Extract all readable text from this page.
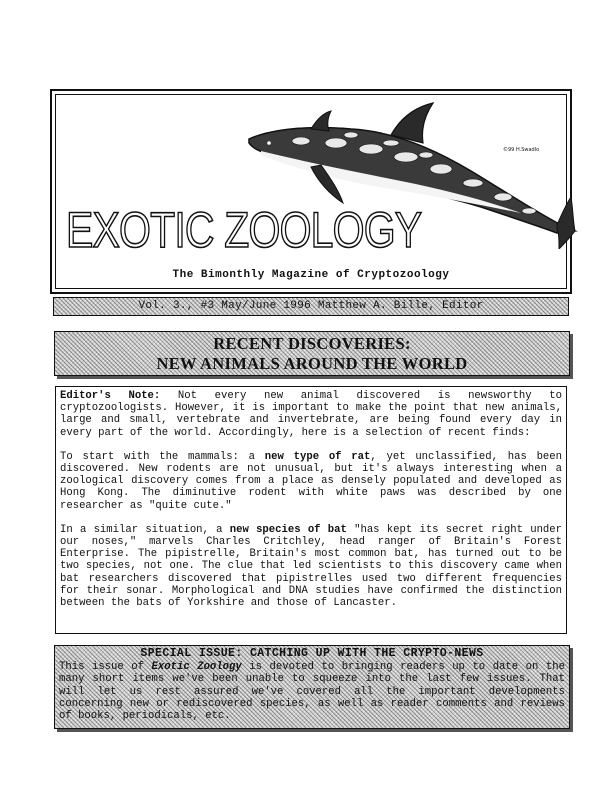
©99 H.Swadlo
EXOTIC ZOOLOGY
The Bimonthly Magazine of Cryptozoology
Vol. 3., #3 May/June 1996 Matthew A. Bille, Editor
RECENT DISCOVERIES:
NEW ANIMALS AROUND THE WORLD

Editor's Note: Not every new animal discovered is newsworthy to cryptozoologists. However, it is important to make the point that new animals, large and small, vertebrate and invertebrate, are being found every day in every part of the world. Accordingly, here is a selection of recent finds:

To start with the mammals: a new type of rat, yet unclassified, has been discovered. New rodents are not unusual, but it's always interesting when a zoological discovery comes from a place as densely populated and developed as Hong Kong. The diminutive rodent with white paws was described by one researcher as "quite cute."

In a similar situation, a new species of bat "has kept its secret right under our noses," marvels Charles Critchley, head ranger of Britain's Forest Enterprise. The pipistrelle, Britain's most common bat, has turned out to be two species, not one. The clue that led scientists to this discovery came when bat researchers discovered that pipistrelles used two different frequencies for their sonar. Morphological and DNA studies have confirmed the distinction between the bats of Yorkshire and those of Lancaster.

SPECIAL ISSUE: CATCHING UP WITH THE CRYPTO-NEWS
This issue of Exotic Zoology is devoted to bringing readers up to date on the many short items we've been unable to squeeze into the last few issues. That will let us rest assured we've covered all the important developments concerning new or rediscovered species, as well as reader comments and reviews of books, periodicals, etc.
